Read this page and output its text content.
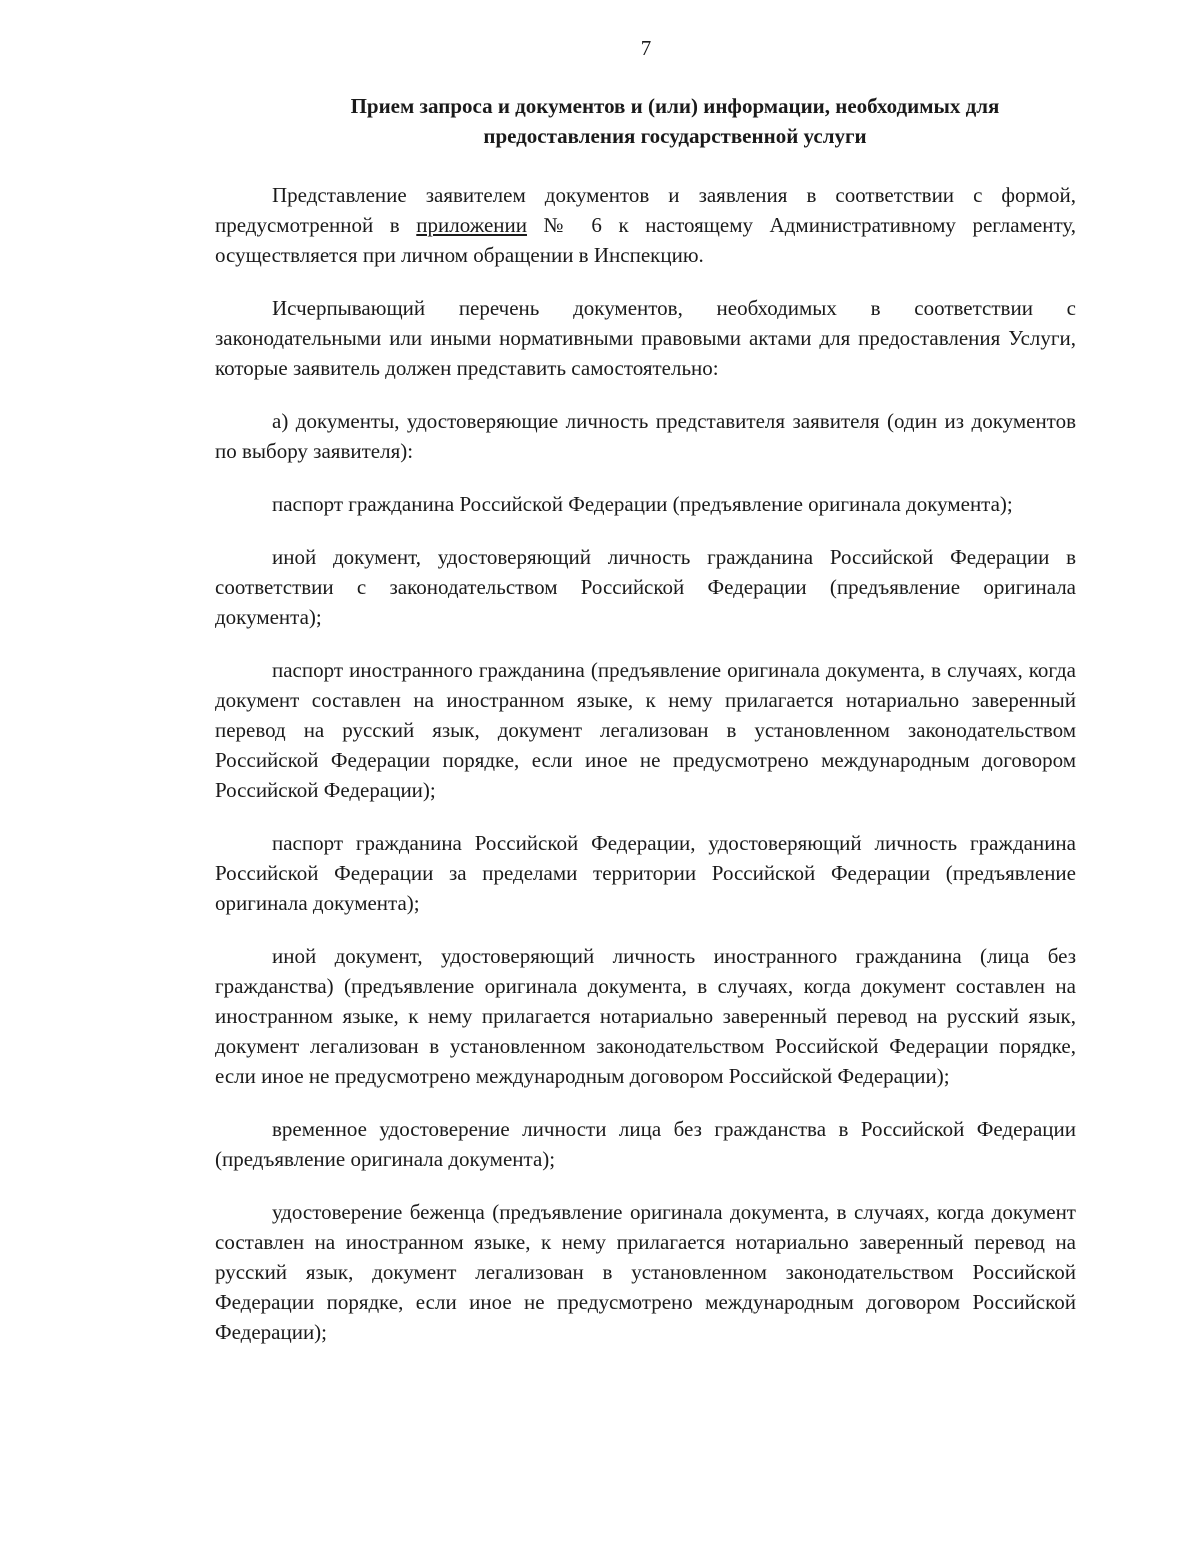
7
Прием запроса и документов и (или) информации, необходимых для
предоставления государственной услуги

Представление заявителем документов и заявления в соответствии с формой, предусмотренной в приложении № 6 к настоящему Административному регламенту, осуществляется при личном обращении в Инспекцию.

Исчерпывающий перечень документов, необходимых в соответствии с законодательными или иными нормативными правовыми актами для предоставления Услуги, которые заявитель должен представить самостоятельно:

а) документы, удостоверяющие личность представителя заявителя (один из документов по выбору заявителя):

паспорт гражданина Российской Федерации (предъявление оригинала документа);

иной документ, удостоверяющий личность гражданина Российской Федерации в соответствии с законодательством Российской Федерации (предъявление оригинала документа);

паспорт иностранного гражданина (предъявление оригинала документа, в случаях, когда документ составлен на иностранном языке, к нему прилагается нотариально заверенный перевод на русский язык, документ легализован в установленном законодательством Российской Федерации порядке, если иное не предусмотрено международным договором Российской Федерации);

паспорт гражданина Российской Федерации, удостоверяющий личность гражданина Российской Федерации за пределами территории Российской Федерации (предъявление оригинала документа);

иной документ, удостоверяющий личность иностранного гражданина (лица без гражданства) (предъявление оригинала документа, в случаях, когда документ составлен на иностранном языке, к нему прилагается нотариально заверенный перевод на русский язык, документ легализован в установленном законодательством Российской Федерации порядке, если иное не предусмотрено международным договором Российской Федерации);

временное удостоверение личности лица без гражданства в Российской Федерации (предъявление оригинала документа);

удостоверение беженца (предъявление оригинала документа, в случаях, когда документ составлен на иностранном языке, к нему прилагается нотариально заверенный перевод на русский язык, документ легализован в установленном законодательством Российской Федерации порядке, если иное не предусмотрено международным договором Российской Федерации);
